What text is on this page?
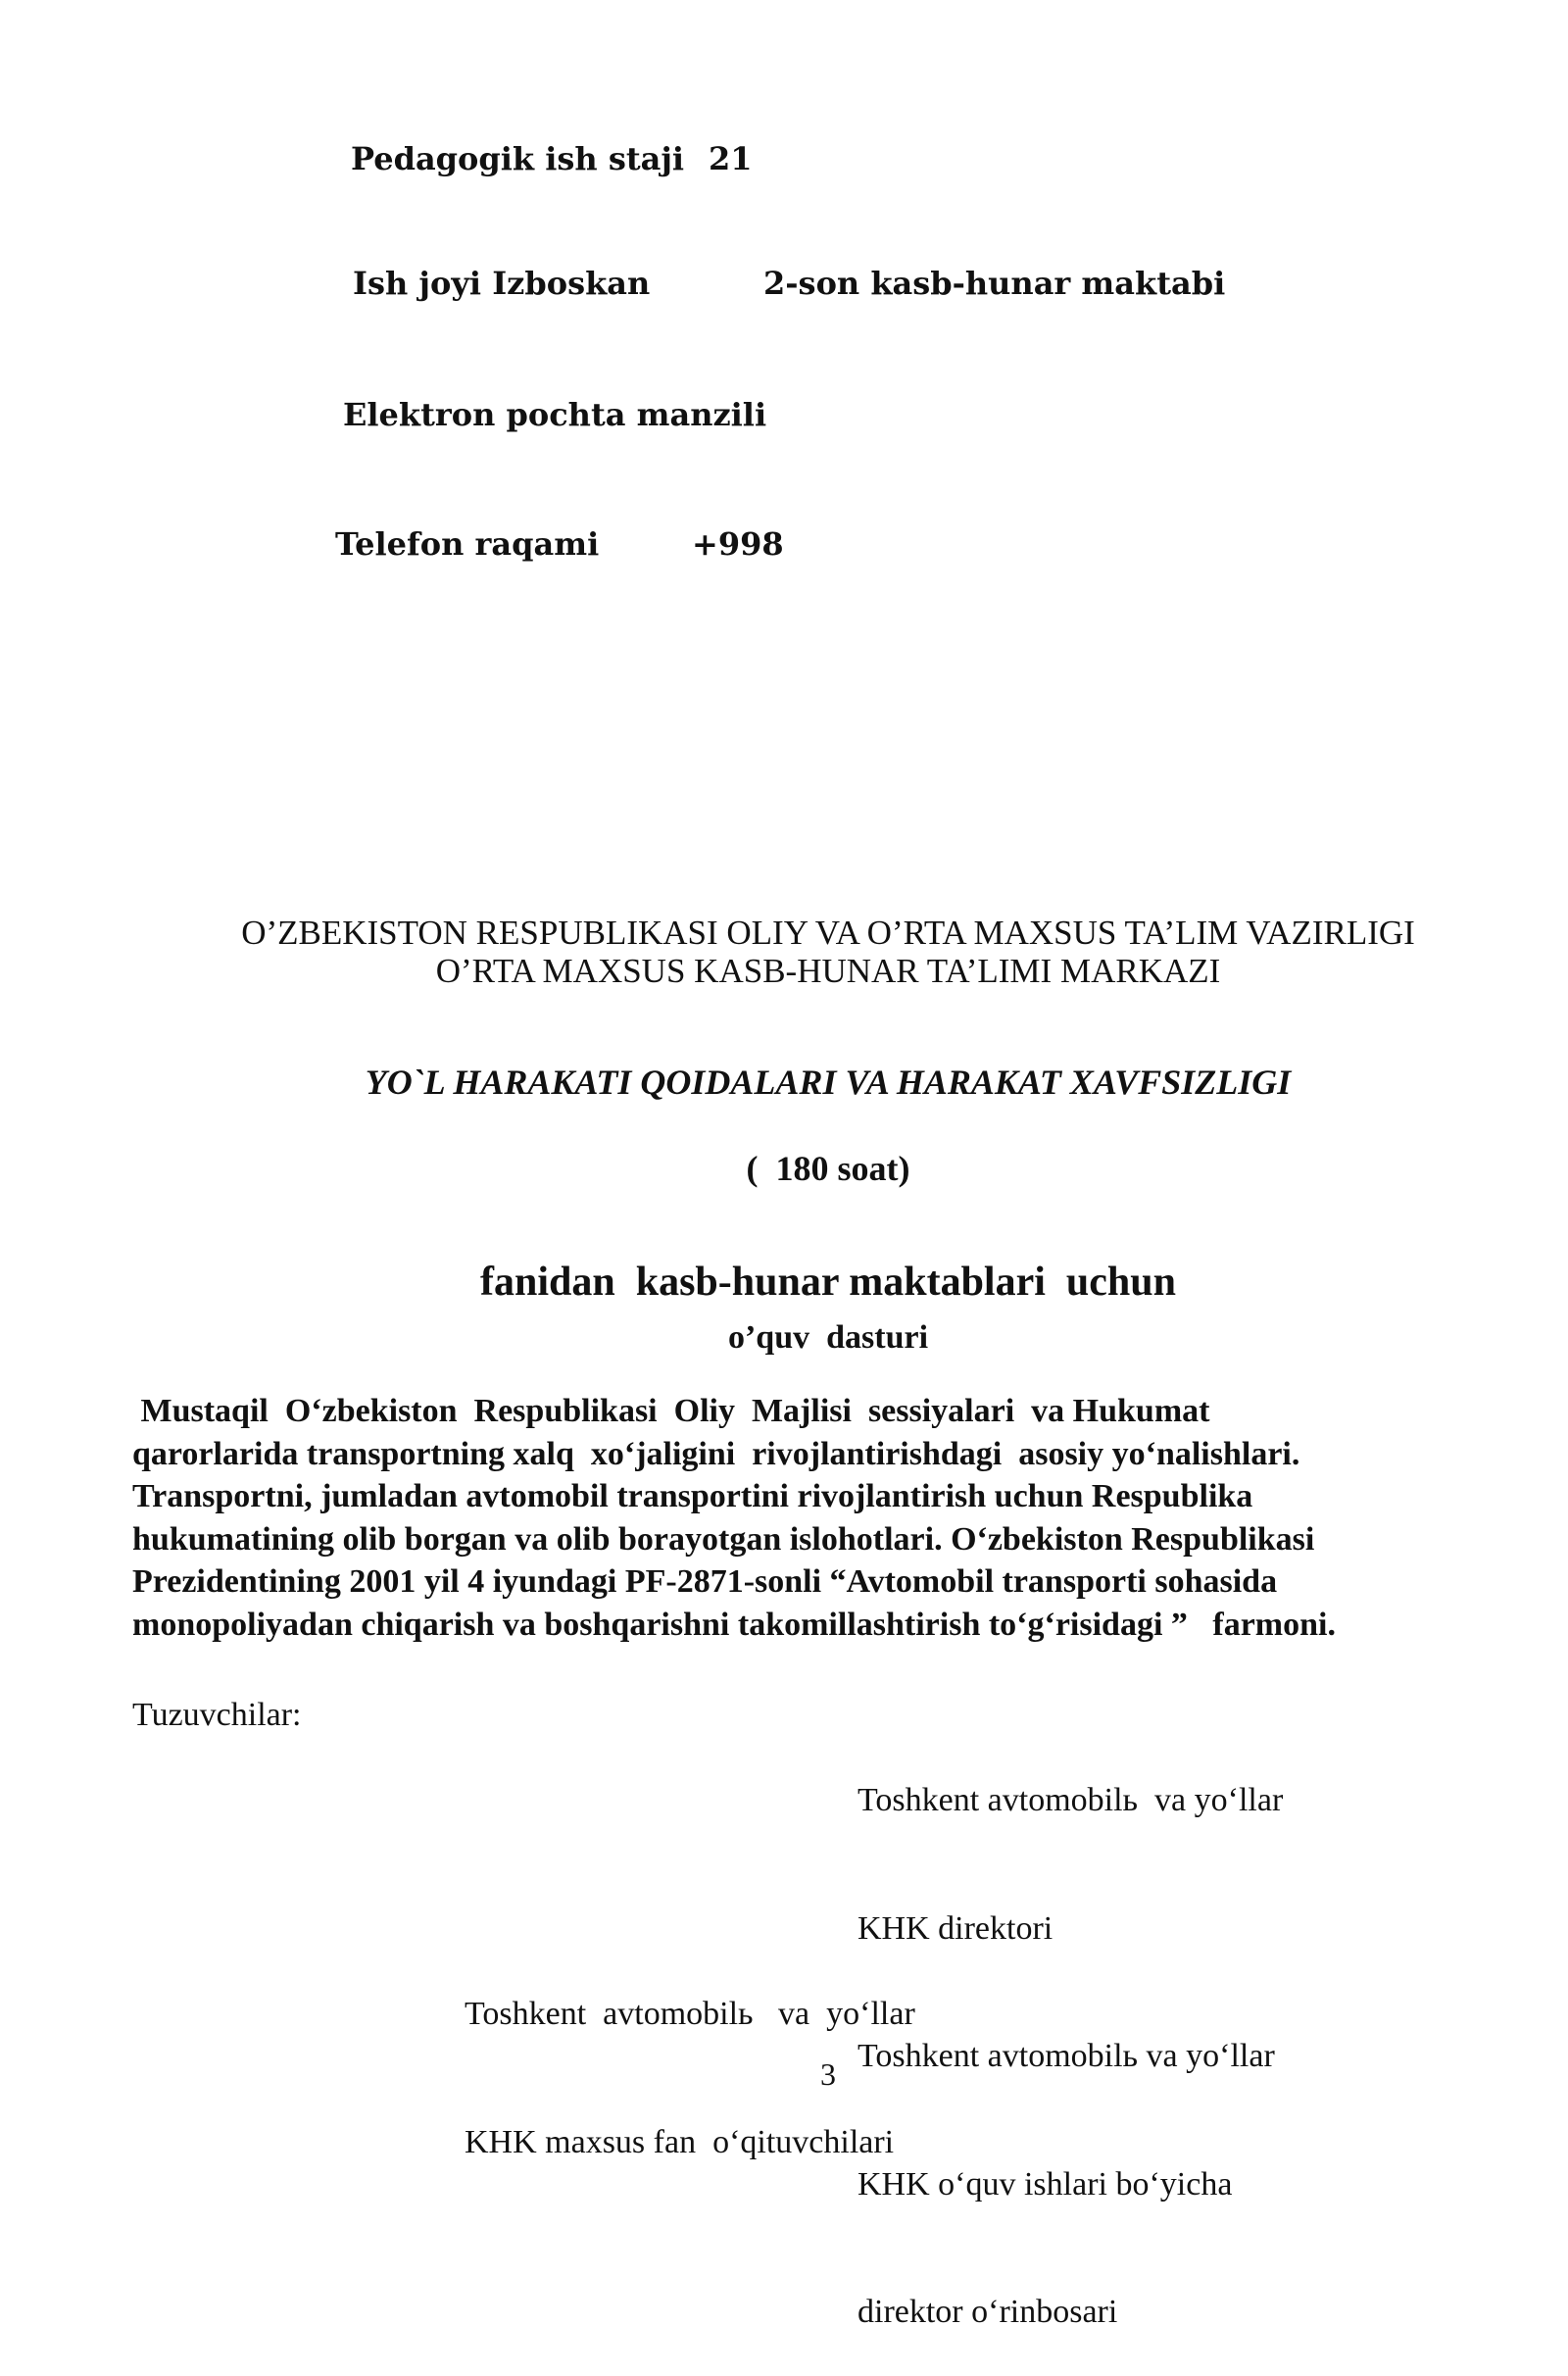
Pedagogik ish staji 21
Ish joyi Izboskan	2-son kasb-hunar maktabi
Elektron pochta manzili
Telefon raqami	+998
O’ZBEKISTON RESPUBLIKASI OLIY VA O’RTA MAXSUS TA’LIM VAZIRLIGI
O’RTA MAXSUS KASB-HUNAR TA’LIMI MARKAZI
YO`L HARAKATI QOIDALARI VA HARAKAT XAVFSIZLIGI
(  180 soat)
fanidan  kasb-hunar maktablari  uchun
o’quv  dasturi
Mustaqil  O‘zbekiston  Respublikasi  Oliy  Majlisi  sessiyalari  va Hukumat
qarorlarida transportning xalq  xo‘jaligini  rivojlantirishdagi  asosiy yo‘nalishlari.
Transportni, jumladan avtomobil transportini rivojlantirish uchun Respublika
hukumatining olib borgan va olib borayotgan islohotlari. O‘zbekiston Respublikasi
Prezidentining 2001 yil 4 iyundagi PF-2871-sonli “Avtomobil transporti sohasida
monopoliyadan chiqarish va boshqarishni takomillashtirish to‘g‘risidagi ”   farmoni.
Tuzuvchilar:

Toshkent avtomobilь  va yo‘llar

KHK direktori

Toshkent avtomobilь va yo‘llar

KHK o‘quv ishlari bo‘yicha

direktor o‘rinbosari

Toshkent  avtomobilь   va  yo‘llar

KHK maxsus fan  o‘qituvchilari

3
